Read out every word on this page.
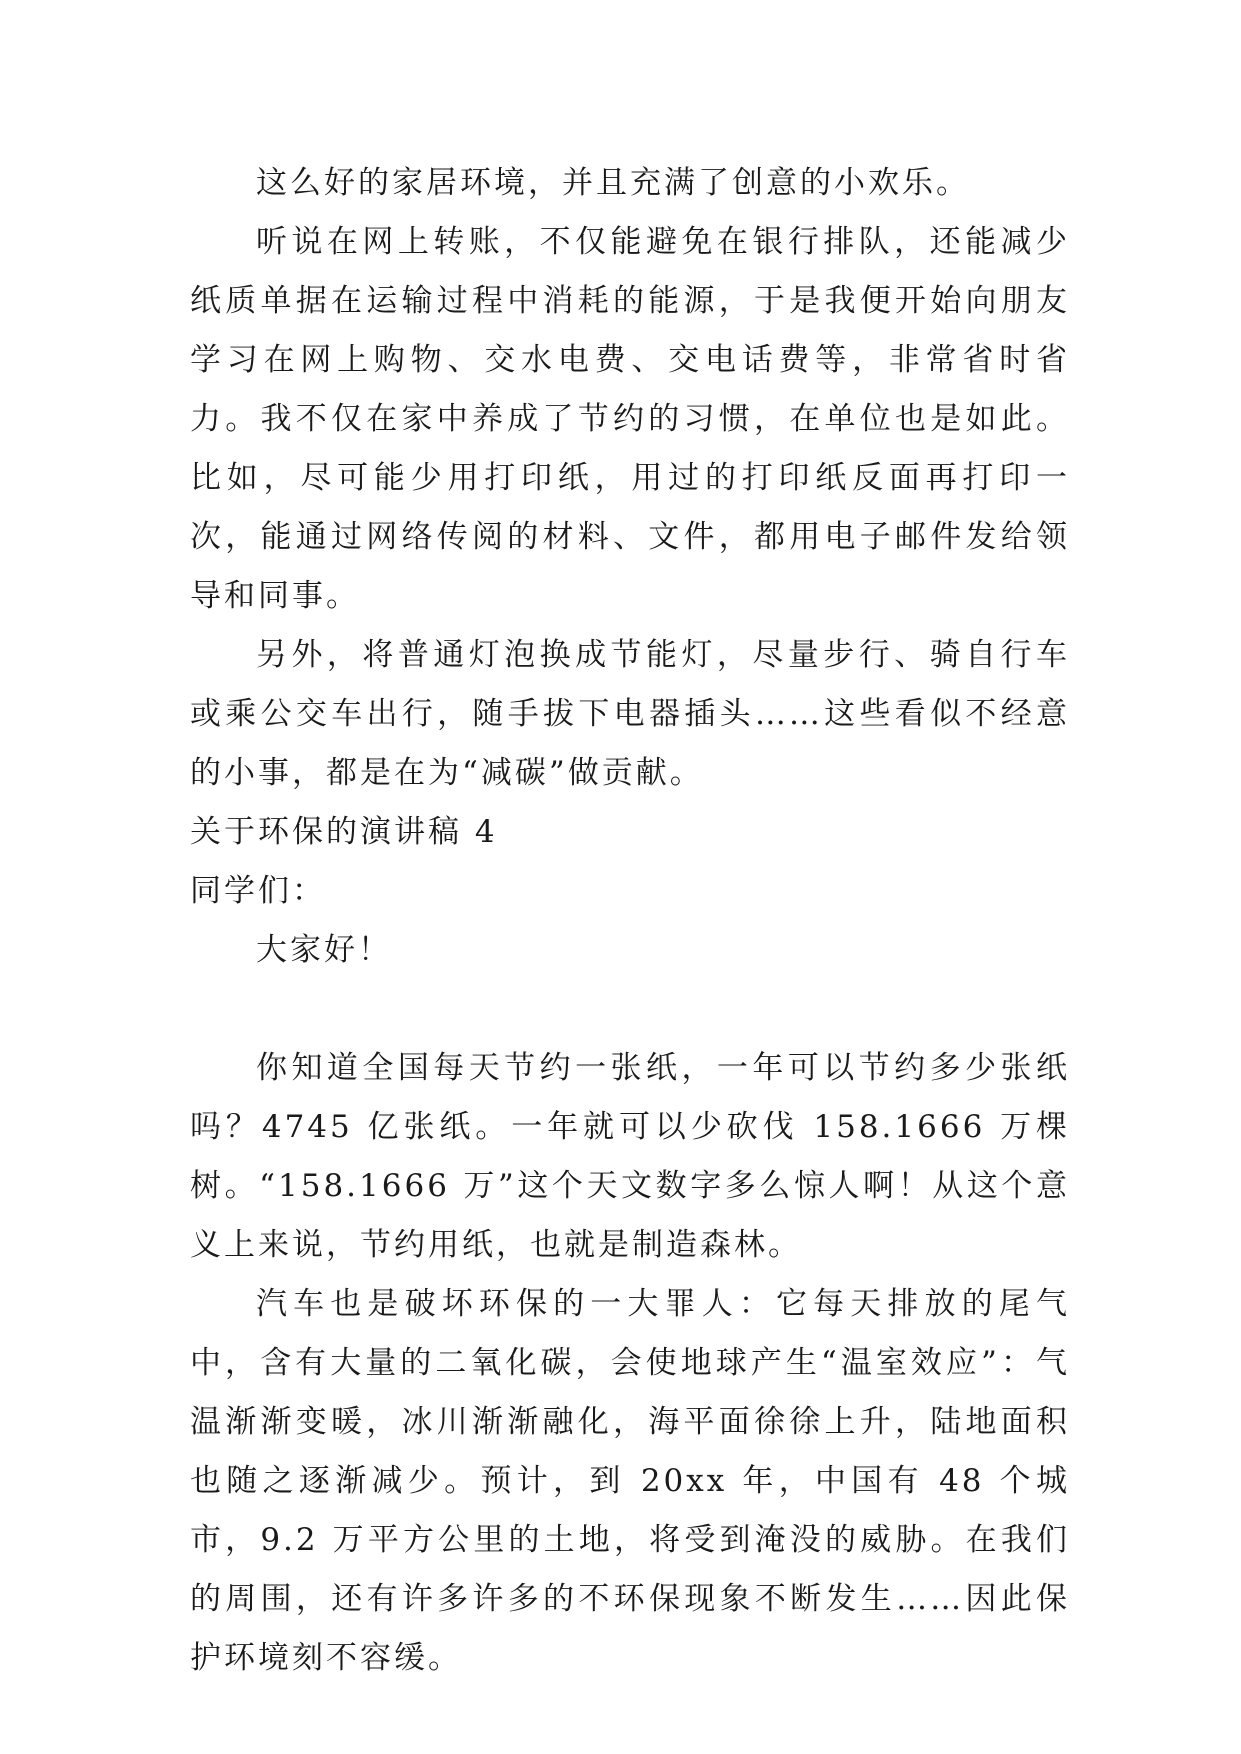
这么好的家居环境，并且充满了创意的小欢乐。

听说在网上转账，不仅能避免在银行排队，还能减少纸质单据在运输过程中消耗的能源，于是我便开始向朋友学习在网上购物、交水电费、交电话费等，非常省时省力。我不仅在家中养成了节约的习惯，在单位也是如此。比如，尽可能少用打印纸，用过的打印纸反面再打印一次，能通过网络传阅的材料、文件，都用电子邮件发给领导和同事。

另外，将普通灯泡换成节能灯，尽量步行、骑自行车或乘公交车出行，随手拔下电器插头……这些看似不经意的小事，都是在为“减碳”做贡献。

关于环保的演讲稿 4

同学们：

大家好！

你知道全国每天节约一张纸，一年可以节约多少张纸吗？4745 亿张纸。一年就可以少砍伐 158.1666 万棵树。“158.1666 万”这个天文数字多么惊人啊！从这个意义上来说，节约用纸，也就是制造森林。

汽车也是破坏环保的一大罪人：它每天排放的尾气中，含有大量的二氧化碳，会使地球产生“温室效应”：气温渐渐变暖，冰川渐渐融化，海平面徐徐上升，陆地面积也随之逐渐减少。预计，到 20xx 年，中国有 48 个城市，9.2 万平方公里的土地，将受到淹没的威胁。在我们的周围，还有许多许多的不环保现象不断发生……因此保护环境刻不容缓。
